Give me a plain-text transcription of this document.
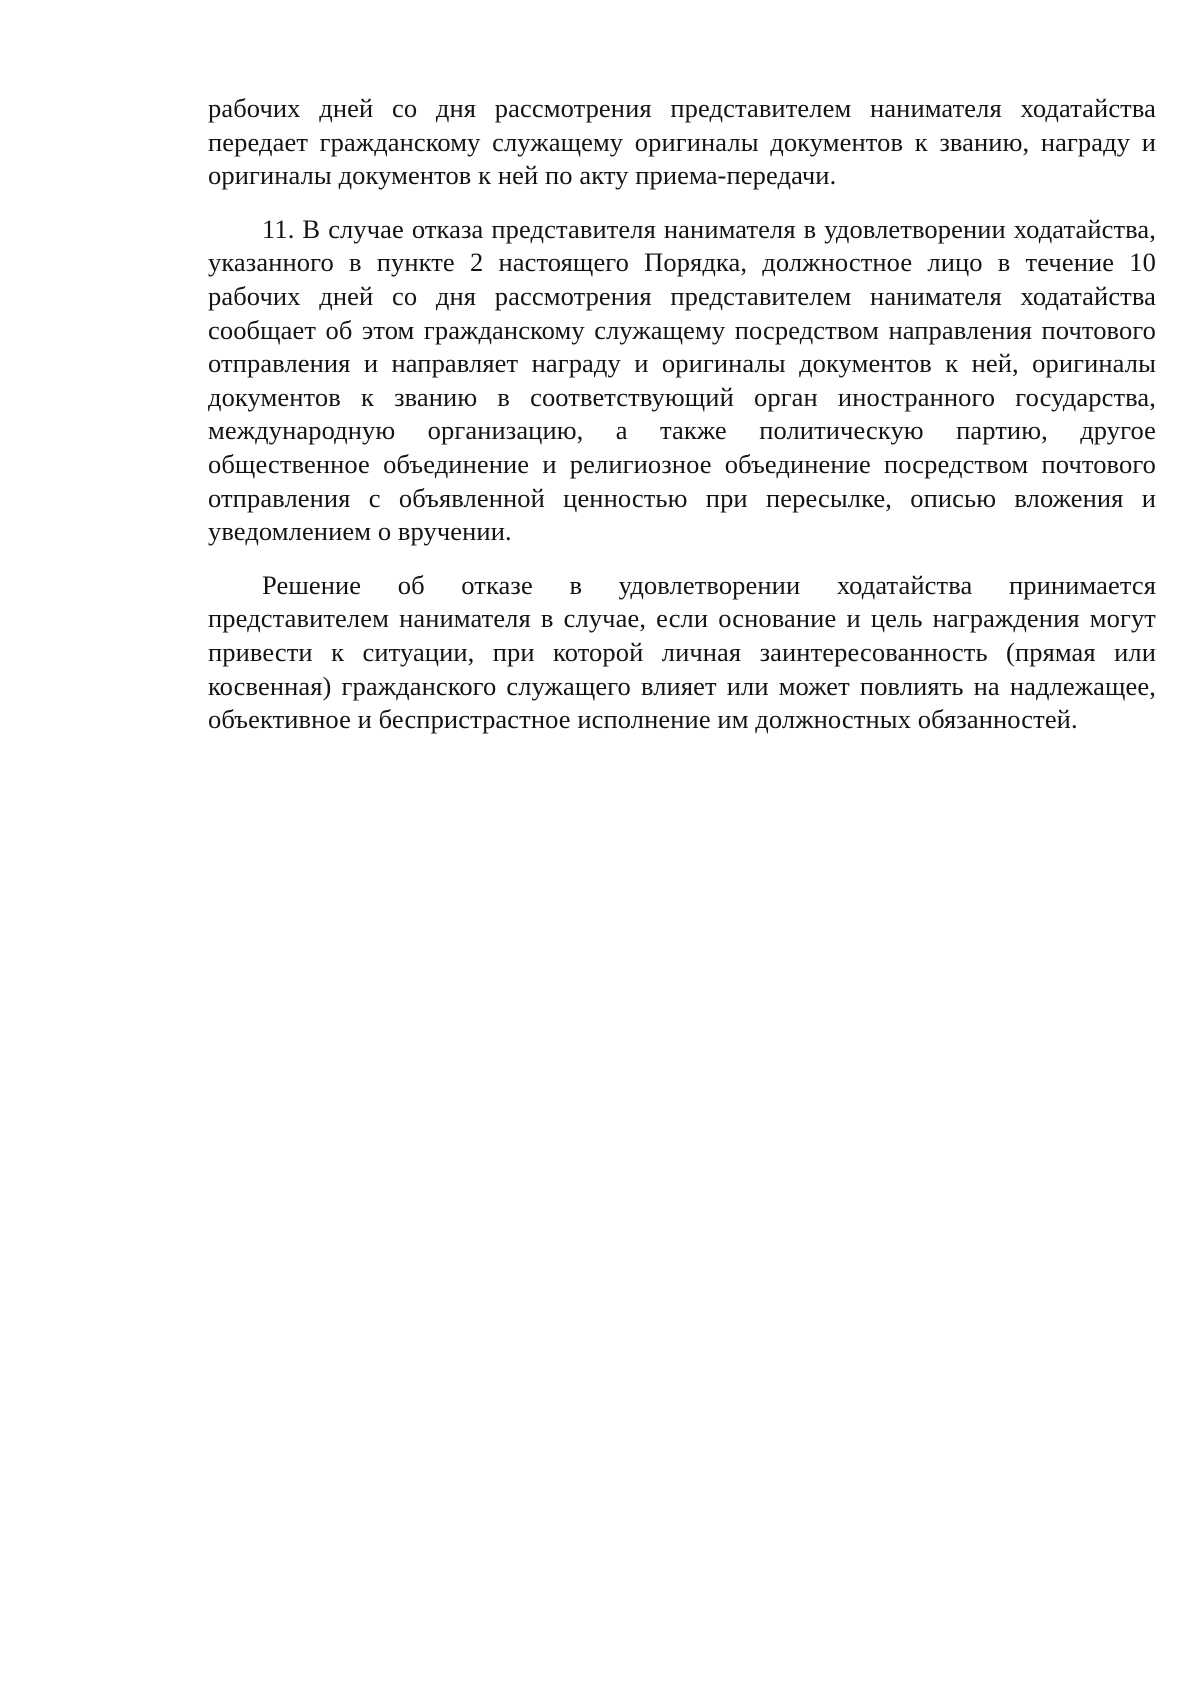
рабочих дней со дня рассмотрения представителем нанимателя ходатайства передает гражданскому служащему оригиналы документов к званию, награду и оригиналы документов к ней по акту приема-передачи.

11. В случае отказа представителя нанимателя в удовлетворении ходатайства, указанного в пункте 2 настоящего Порядка, должностное лицо в течение 10 рабочих дней со дня рассмотрения представителем нанимателя ходатайства сообщает об этом гражданскому служащему посредством направления почтового отправления и направляет награду и оригиналы документов к ней, оригиналы документов к званию в соответствующий орган иностранного государства, международную организацию, а также политическую партию, другое общественное объединение и религиозное объединение посредством почтового отправления с объявленной ценностью при пересылке, описью вложения и уведомлением о вручении.

Решение об отказе в удовлетворении ходатайства принимается представителем нанимателя в случае, если основание и цель награждения могут привести к ситуации, при которой личная заинтересованность (прямая или косвенная) гражданского служащего влияет или может повлиять на надлежащее, объективное и беспристрастное исполнение им должностных обязанностей.
